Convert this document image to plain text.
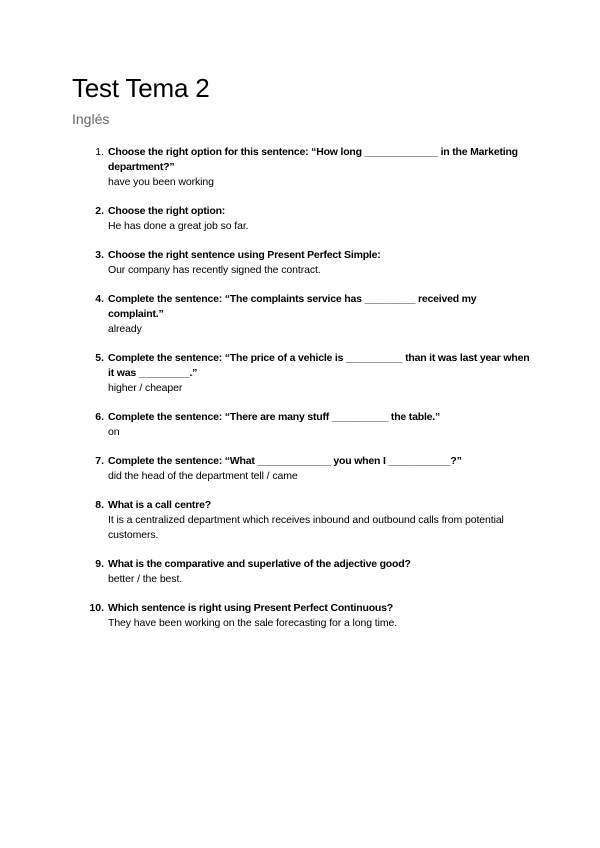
Test Tema 2

Inglés

1. Choose the right option for this sentence: “How long _____________ in the Marketing department?”
have you been working
2. Choose the right option:
He has done a great job so far.
3. Choose the right sentence using Present Perfect Simple:
Our company has recently signed the contract.
4. Complete the sentence: “The complaints service has _________ received my complaint.”
already
5. Complete the sentence: “The price of a vehicle is __________ than it was last year when it was _________.”
higher / cheaper
6. Complete the sentence: “There are many stuff __________ the table.”
on
7. Complete the sentence: “What _____________ you when I ___________?”
did the head of the department tell / came
8. What is a call centre?
It is a centralized department which receives inbound and outbound calls from potential customers.
9. What is the comparative and superlative of the adjective good?
better / the best.
10. Which sentence is right using Present Perfect Continuous?
They have been working on the sale forecasting for a long time.
